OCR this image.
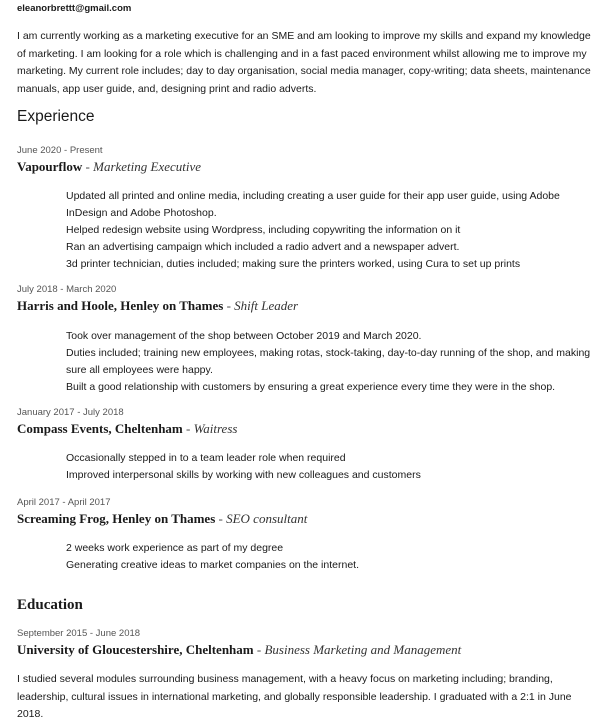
eleanorbrettt@gmail.com

I am currently working as a marketing executive for an SME and am looking to improve my skills and expand my knowledge of marketing. I am looking for a role which is challenging and in a fast paced environment whilst allowing me to improve my marketing. My current role includes; day to day organisation, social media manager, copy-writing; data sheets, maintenance manuals, app user guide, and, designing print and radio adverts.

Experience
June 2020 - Present
Vapourflow - Marketing Executive
Updated all printed and online media, including creating a user guide for their app user guide, using Adobe InDesign and Adobe Photoshop.
Helped redesign website using Wordpress, including copywriting the information on it
Ran an advertising campaign which included a radio advert and a newspaper advert.
3d printer technician, duties included; making sure the printers worked, using Cura to set up prints
July 2018 - March 2020
Harris and Hoole, Henley on Thames - Shift Leader
Took over management of the shop between October 2019 and March 2020.
Duties included; training new employees, making rotas, stock-taking, day-to-day running of the shop, and making sure all employees were happy.
Built a good relationship with customers by ensuring a great experience every time they were in the shop.
January 2017 - July 2018
Compass Events, Cheltenham - Waitress
Occasionally stepped in to a team leader role when required
Improved interpersonal skills by working with new colleagues and customers
April 2017 - April 2017
Screaming Frog, Henley on Thames - SEO consultant
2 weeks work experience as part of my degree
Generating creative ideas to market companies on the internet.
Education
September 2015 - June 2018
University of Gloucestershire, Cheltenham - Business Marketing and Management

I studied several modules surrounding business management, with a heavy focus on marketing including; branding, leadership, cultural issues in international marketing, and globally responsible leadership. I graduated with a 2:1 in June 2018.
